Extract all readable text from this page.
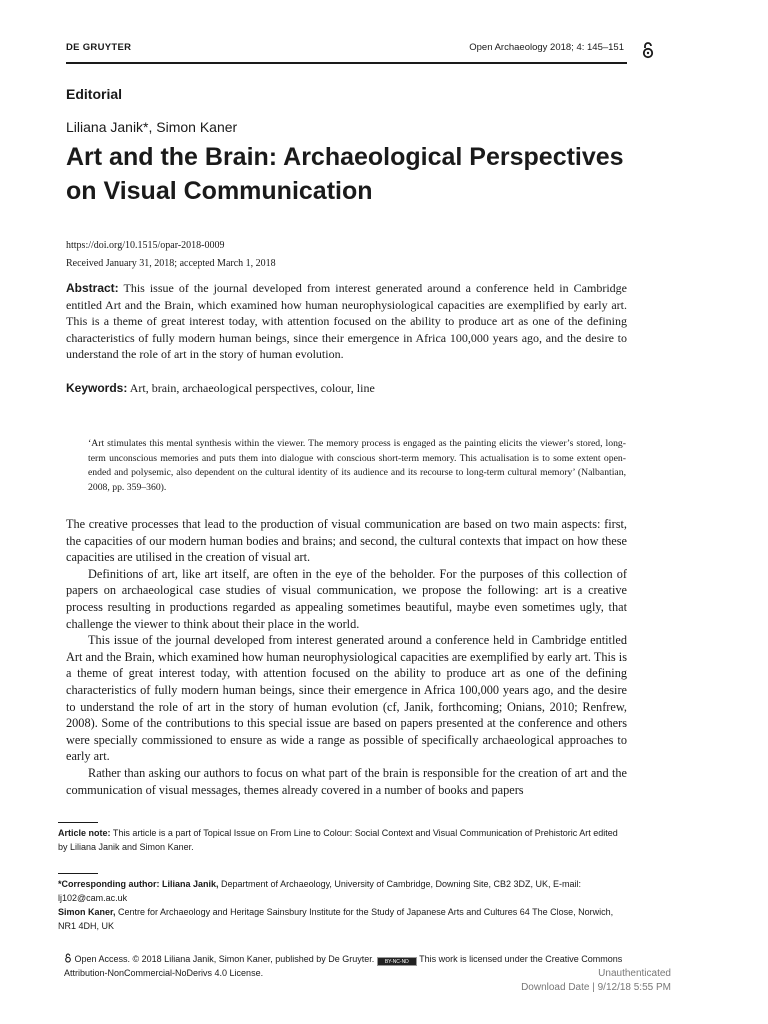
DE GRUYTER	Open Archaeology 2018; 4: 145–151
Editorial
Liliana Janik*, Simon Kaner
Art and the Brain: Archaeological Perspectives on Visual Communication
https://doi.org/10.1515/opar-2018-0009
Received January 31, 2018; accepted March 1, 2018

Abstract: This issue of the journal developed from interest generated around a conference held in Cambridge entitled Art and the Brain, which examined how human neurophysiological capacities are exemplified by early art. This is a theme of great interest today, with attention focused on the ability to produce art as one of the defining characteristics of fully modern human beings, since their emergence in Africa 100,000 years ago, and the desire to understand the role of art in the story of human evolution.

Keywords: Art, brain, archaeological perspectives, colour, line

‘Art stimulates this mental synthesis within the viewer. The memory process is engaged as the painting elicits the viewer’s stored, long-term unconscious memories and puts them into dialogue with conscious short-term memory. This actualisation is to some extent open-ended and polysemic, also dependent on the cultural identity of its audience and its recourse to long-term cultural memory’ (Nalbantian, 2008, pp. 359–360).

The creative processes that lead to the production of visual communication are based on two main aspects: first, the capacities of our modern human bodies and brains; and second, the cultural contexts that impact on how these capacities are utilised in the creation of visual art.

Definitions of art, like art itself, are often in the eye of the beholder. For the purposes of this collection of papers on archaeological case studies of visual communication, we propose the following: art is a creative process resulting in productions regarded as appealing sometimes beautiful, maybe even sometimes ugly, that challenge the viewer to think about their place in the world.

This issue of the journal developed from interest generated around a conference held in Cambridge entitled Art and the Brain, which examined how human neurophysiological capacities are exemplified by early art. This is a theme of great interest today, with attention focused on the ability to produce art as one of the defining characteristics of fully modern human beings, since their emergence in Africa 100,000 years ago, and the desire to understand the role of art in the story of human evolution (cf, Janik, forthcoming; Onians, 2010; Renfrew, 2008). Some of the contributions to this special issue are based on papers presented at the conference and others were specially commissioned to ensure as wide a range as possible of specifically archaeological approaches to early art.

Rather than asking our authors to focus on what part of the brain is responsible for the creation of art and the communication of visual messages, themes already covered in a number of books and papers

Article note: This article is a part of Topical Issue on From Line to Colour: Social Context and Visual Communication of Prehistoric Art edited by Liliana Janik and Simon Kaner.

*Corresponding author: Liliana Janik, Department of Archaeology, University of Cambridge, Downing Site, CB2 3DZ, UK, E-mail: lj102@cam.ac.uk

Simon Kaner, Centre for Archaeology and Heritage Sainsbury Institute for the Study of Japanese Arts and Cultures 64 The Close, Norwich, NR1 4DH, UK

Open Access. © 2018 Liliana Janik, Simon Kaner, published by De Gruyter. BY-NC-ND This work is licensed under the Creative Commons Attribution-NonCommercial-NoDerivs 4.0 License.	Unauthenticated
Download Date | 9/12/18 5:55 PM
